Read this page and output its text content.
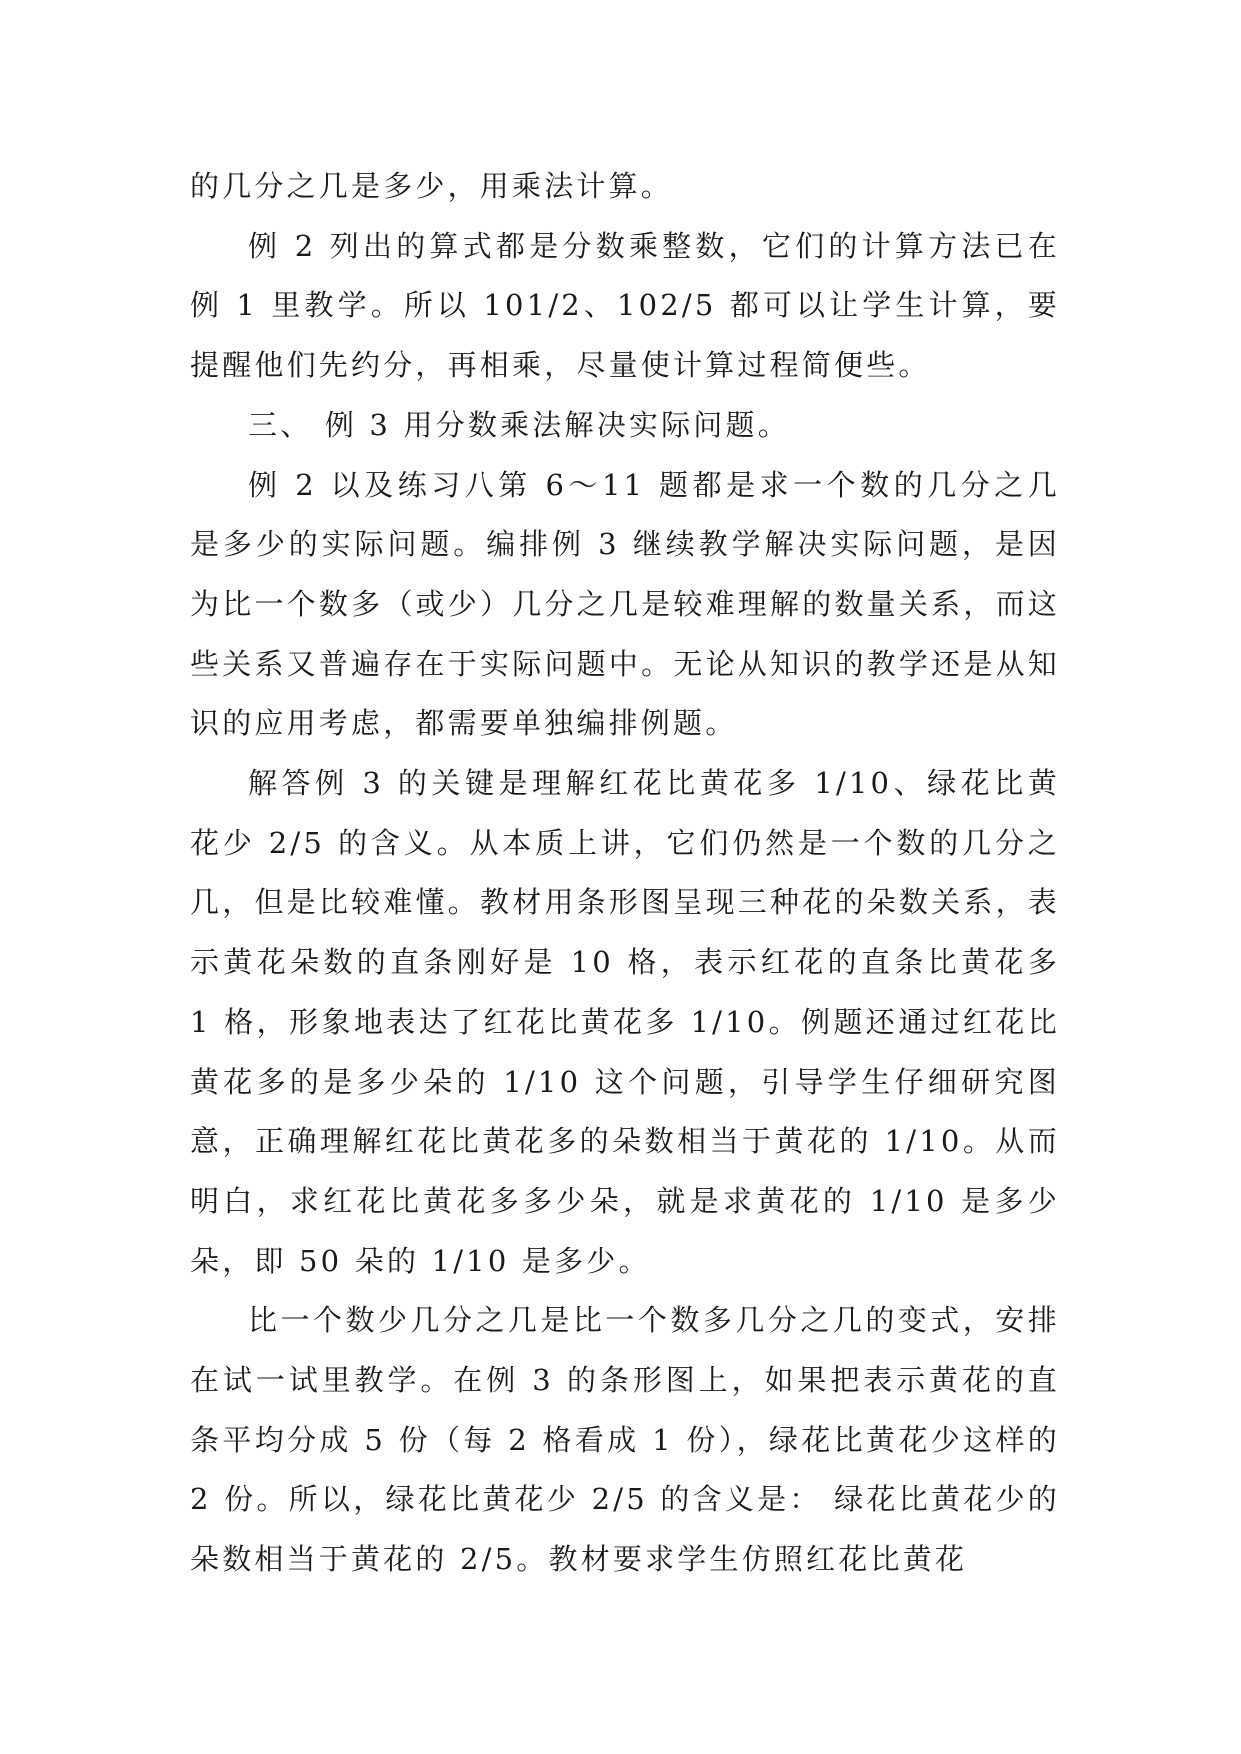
的几分之几是多少，用乘法计算。

例 2 列出的算式都是分数乘整数，它们的计算方法已在例 1 里教学。所以 101/2、102/5 都可以让学生计算，要提醒他们先约分，再相乘，尽量使计算过程简便些。

三、 例 3 用分数乘法解决实际问题。

例 2 以及练习八第 6～11 题都是求一个数的几分之几是多少的实际问题。编排例 3 继续教学解决实际问题，是因为比一个数多（或少）几分之几是较难理解的数量关系，而这些关系又普遍存在于实际问题中。无论从知识的教学还是从知识的应用考虑，都需要单独编排例题。

解答例 3 的关键是理解红花比黄花多 1/10、绿花比黄花少 2/5 的含义。从本质上讲，它们仍然是一个数的几分之几，但是比较难懂。教材用条形图呈现三种花的朵数关系，表示黄花朵数的直条刚好是 10 格，表示红花的直条比黄花多 1 格，形象地表达了红花比黄花多 1/10。例题还通过红花比黄花多的是多少朵的 1/10 这个问题，引导学生仔细研究图意，正确理解红花比黄花多的朵数相当于黄花的 1/10。从而明白，求红花比黄花多多少朵，就是求黄花的 1/10 是多少朵，即 50 朵的 1/10 是多少。

比一个数少几分之几是比一个数多几分之几的变式，安排在试一试里教学。在例 3 的条形图上，如果把表示黄花的直条平均分成 5 份（每 2 格看成 1 份），绿花比黄花少这样的 2 份。所以，绿花比黄花少 2/5 的含义是： 绿花比黄花少的朵数相当于黄花的 2/5。教材要求学生仿照红花比黄花
